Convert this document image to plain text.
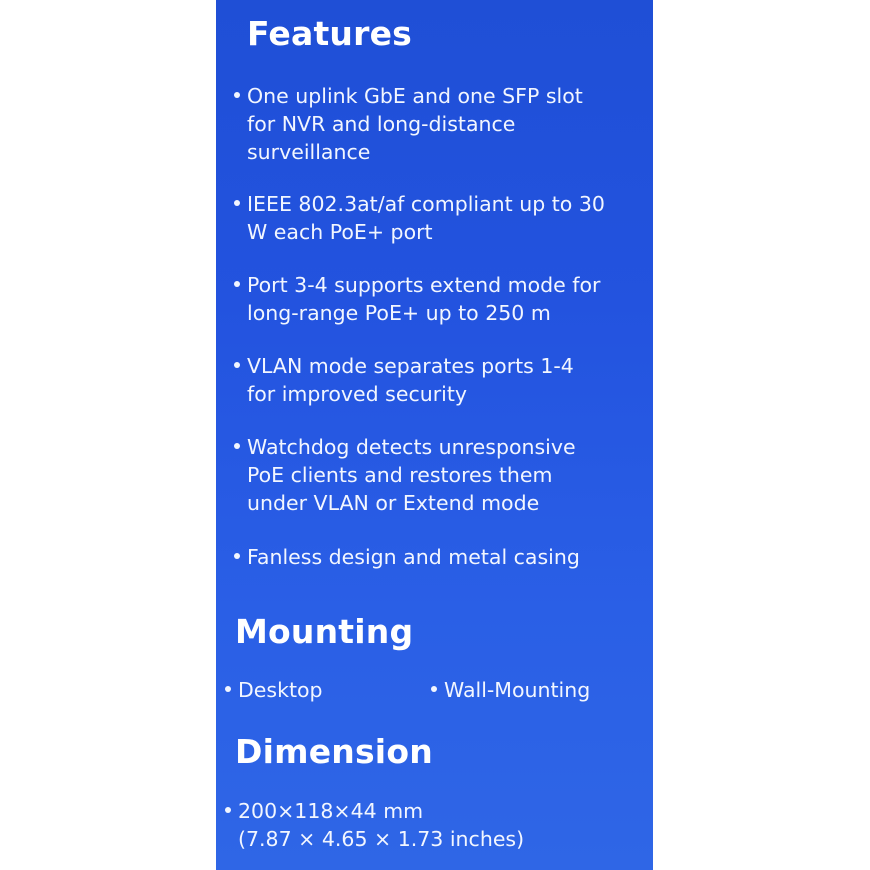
Features
One uplink GbE and one SFP slot
for NVR and long-distance
surveillance
IEEE 802.3at/af compliant up to 30
W each PoE+ port
Port 3-4 supports extend mode for
long-range PoE+ up to 250 m
VLAN mode separates ports 1-4
for improved security
Watchdog detects unresponsive
PoE clients and restores them
under VLAN or Extend mode
Fanless design and metal casing
Mounting
Desktop	Wall-Mounting
Dimension
200×118×44 mm
(7.87 × 4.65 × 1.73 inches)
